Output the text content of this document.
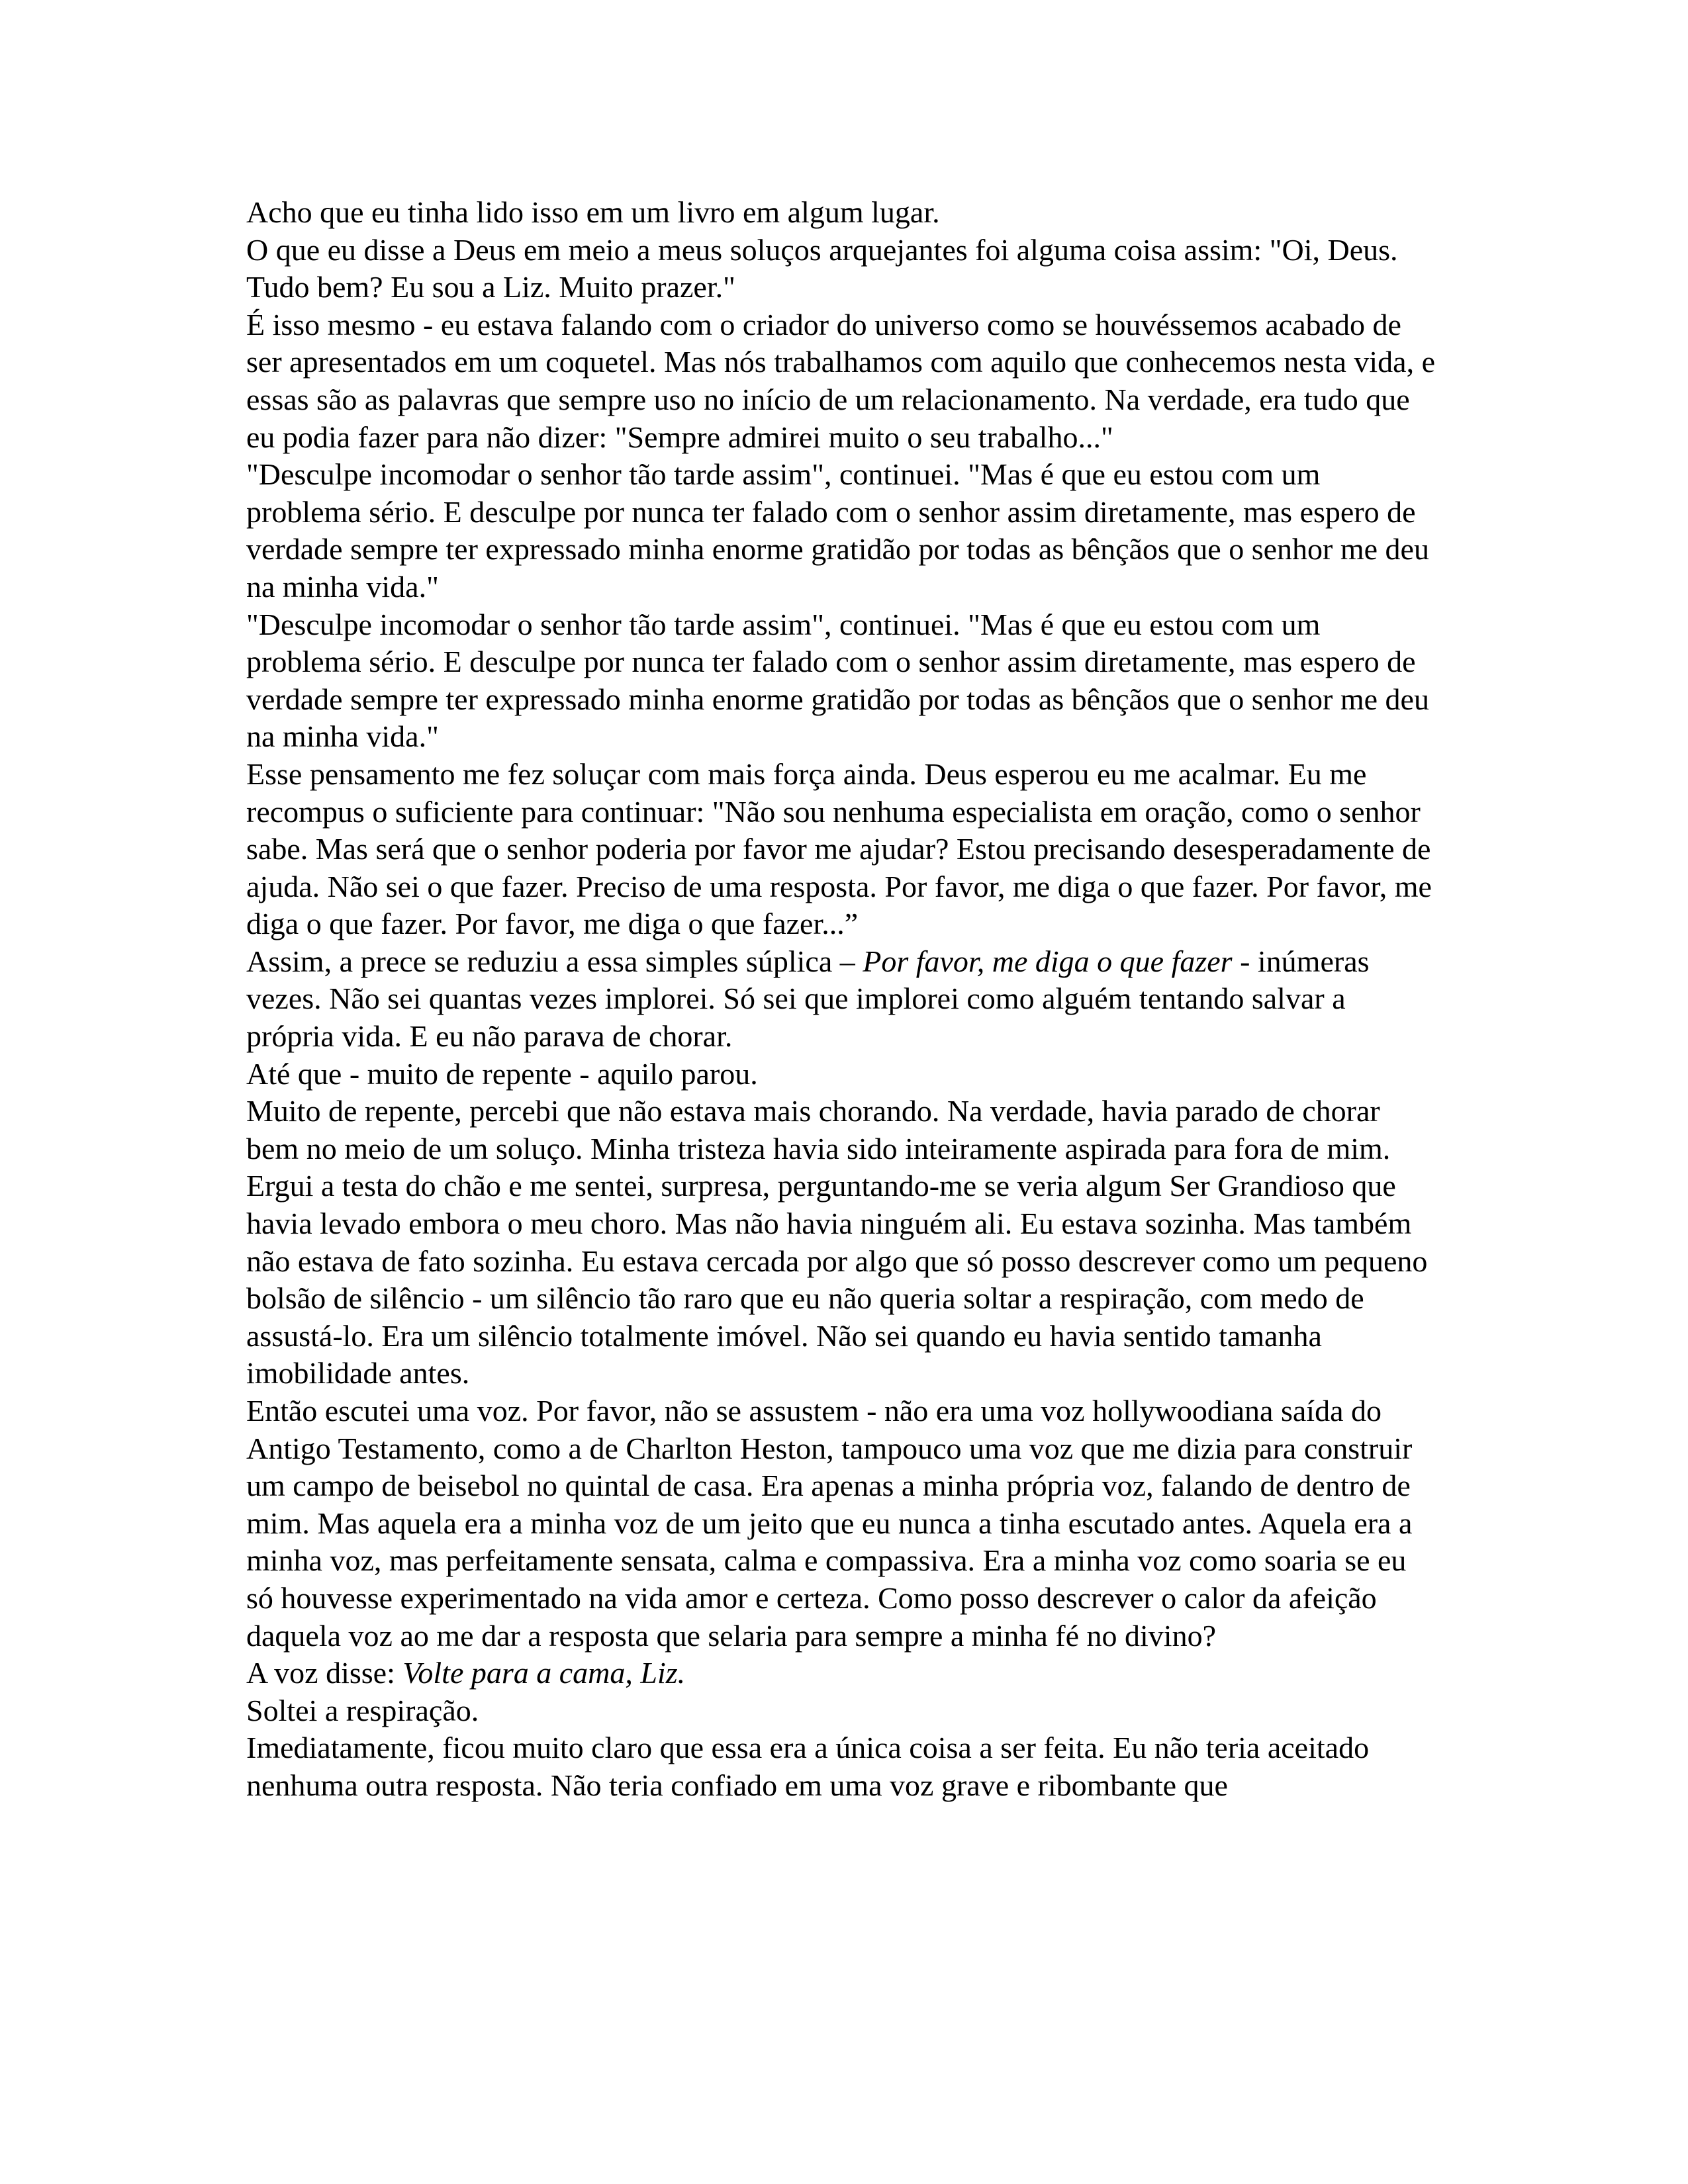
Acho que eu tinha lido isso em um livro em algum lugar.

O que eu disse a Deus em meio a meus soluços arquejantes foi alguma coisa assim: "Oi, Deus. Tudo bem? Eu sou a Liz. Muito prazer."

É isso mesmo - eu estava falando com o criador do universo como se houvéssemos acabado de ser apresentados em um coquetel. Mas nós trabalhamos com aquilo que conhecemos nesta vida, e essas são as palavras que sempre uso no início de um relacionamento. Na verdade, era tudo que eu podia fazer para não dizer: "Sempre admirei muito o seu trabalho..."

"Desculpe incomodar o senhor tão tarde assim", continuei. "Mas é que eu estou com um problema sério. E desculpe por nunca ter falado com o senhor assim diretamente, mas espero de verdade sempre ter expressado minha enorme gratidão por todas as bênçãos que o senhor me deu na minha vida."

"Desculpe incomodar o senhor tão tarde assim", continuei. "Mas é que eu estou com um problema sério. E desculpe por nunca ter falado com o senhor assim diretamente, mas espero de verdade sempre ter expressado minha enorme gratidão por todas as bênçãos que o senhor me deu na minha vida."

Esse pensamento me fez soluçar com mais força ainda. Deus esperou eu me acalmar. Eu me recompus o suficiente para continuar: "Não sou nenhuma especialista em oração, como o senhor sabe. Mas será que o senhor poderia por favor me ajudar? Estou precisando desesperadamente de ajuda. Não sei o que fazer. Preciso de uma resposta. Por favor, me diga o que fazer. Por favor, me diga o que fazer. Por favor, me diga o que fazer...”

Assim, a prece se reduziu a essa simples súplica – Por favor, me diga o que fazer - inúmeras vezes. Não sei quantas vezes implorei. Só sei que implorei como alguém tentando salvar a própria vida. E eu não parava de chorar.

Até que - muito de repente - aquilo parou.

Muito de repente, percebi que não estava mais chorando. Na verdade, havia parado de chorar bem no meio de um soluço. Minha tristeza havia sido inteiramente aspirada para fora de mim. Ergui a testa do chão e me sentei, surpresa, perguntando-me se veria algum Ser Grandioso que havia levado embora o meu choro. Mas não havia ninguém ali. Eu estava sozinha. Mas também não estava de fato sozinha. Eu estava cercada por algo que só posso descrever como um pequeno bolsão de silêncio - um silêncio tão raro que eu não queria soltar a respiração, com medo de assustá-lo. Era um silêncio totalmente imóvel. Não sei quando eu havia sentido tamanha imobilidade antes.

Então escutei uma voz. Por favor, não se assustem - não era uma voz hollywoodiana saída do Antigo Testamento, como a de Charlton Heston, tampouco uma voz que me dizia para construir um campo de beisebol no quintal de casa. Era apenas a minha própria voz, falando de dentro de mim. Mas aquela era a minha voz de um jeito que eu nunca a tinha escutado antes. Aquela era a minha voz, mas perfeitamente sensata, calma e compassiva. Era a minha voz como soaria se eu só houvesse experimentado na vida amor e certeza. Como posso descrever o calor da afeição daquela voz ao me dar a resposta que selaria para sempre a minha fé no divino?

A voz disse: Volte para a cama, Liz.

Soltei a respiração.

Imediatamente, ficou muito claro que essa era a única coisa a ser feita. Eu não teria aceitado nenhuma outra resposta. Não teria confiado em uma voz grave e ribombante que
